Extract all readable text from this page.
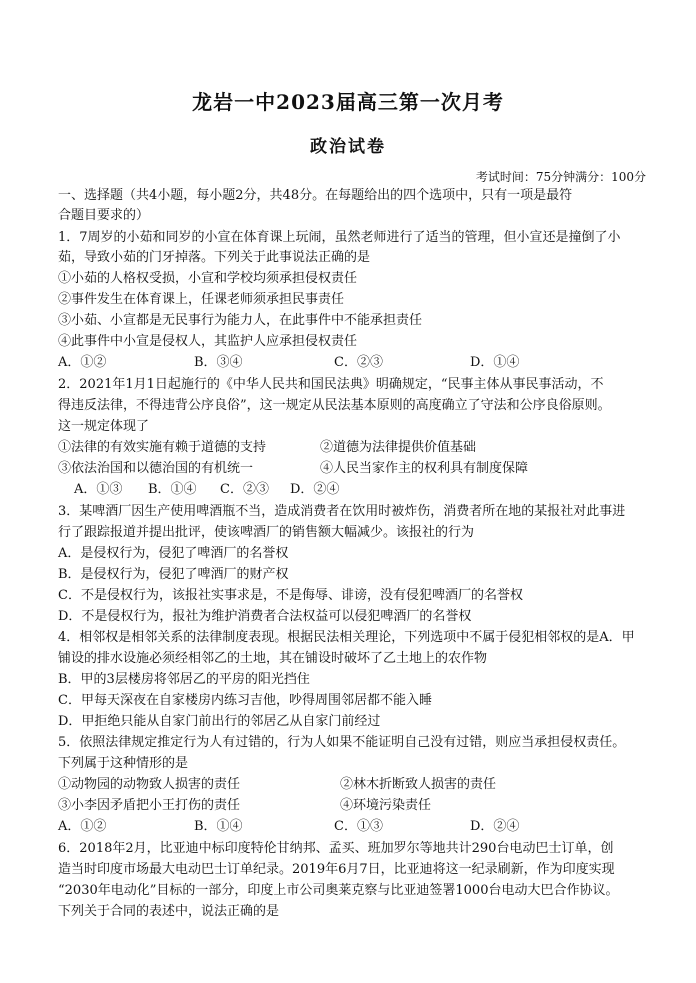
龙岩一中2023届高三第一次月考
政治试卷
考试时间：75分钟满分：100分
一、选择题（共4小题，每小题2分，共48分。在每题给出的四个选项中，只有一项是最符
合题目要求的）
1．7周岁的小茹和同岁的小宣在体育课上玩闹，虽然老师进行了适当的管理，但小宣还是撞倒了小
茹，导致小茹的门牙掉落。下列关于此事说法正确的是
①小茹的人格权受损，小宣和学校均须承担侵权责任
②事件发生在体育课上，任课老师须承担民事责任
③小茹、小宣都是无民事行为能力人，在此事件中不能承担责任
④此事件中小宣是侵权人，其监护人应承担侵权责任
A．①②	B．③④	C．②③	D．①④
2．2021年1月1日起施行的《中华人民共和国民法典》明确规定，“民事主体从事民事活动，不
得违反法律，不得违背公序良俗”，这一规定从民法基本原则的高度确立了守法和公序良俗原则。
这一规定体现了
①法律的有效实施有赖于道德的支持	②道德为法律提供价值基础
③依法治国和以德治国的有机统一	④人民当家作主的权利具有制度保障
A．①③ B．①④ C．②③ D．②④
3．某啤酒厂因生产使用啤酒瓶不当，造成消费者在饮用时被炸伤，消费者所在地的某报社对此事进
行了跟踪报道并提出批评，使该啤酒厂的销售额大幅减少。该报社的行为
A．是侵权行为，侵犯了啤酒厂的名誉权
B．是侵权行为，侵犯了啤酒厂的财产权
C．不是侵权行为，该报社实事求是，不是侮辱、诽谤，没有侵犯啤酒厂的名誉权
D．不是侵权行为，报社为维护消费者合法权益可以侵犯啤酒厂的名誉权
4．相邻权是相邻关系的法律制度表现。根据民法相关理论，下列选项中不属于侵犯相邻权的是A．甲
铺设的排水设施必须经相邻乙的土地，其在铺设时破坏了乙土地上的农作物
B．甲的3层楼房将邻居乙的平房的阳光挡住
C．甲每天深夜在自家楼房内练习吉他，吵得周围邻居都不能入睡
D．甲拒绝只能从自家门前出行的邻居乙从自家门前经过
5．依照法律规定推定行为人有过错的，行为人如果不能证明自己没有过错，则应当承担侵权责任。
下列属于这种情形的是
①动物园的动物致人损害的责任	②林木折断致人损害的责任
③小李因矛盾把小王打伤的责任	④环境污染责任
A．①②	B．①④	C．①③	D．②④
6．2018年2月，比亚迪中标印度特伦甘纳邦、孟买、班加罗尔等地共计290台电动巴士订单，创
造当时印度市场最大电动巴士订单纪录。2019年6月7日，比亚迪将这一纪录刷新，作为印度实现
“2030年电动化”目标的一部分，印度上市公司奥莱克察与比亚迪签署1000台电动大巴合作协议。
下列关于合同的表述中，说法正确的是
